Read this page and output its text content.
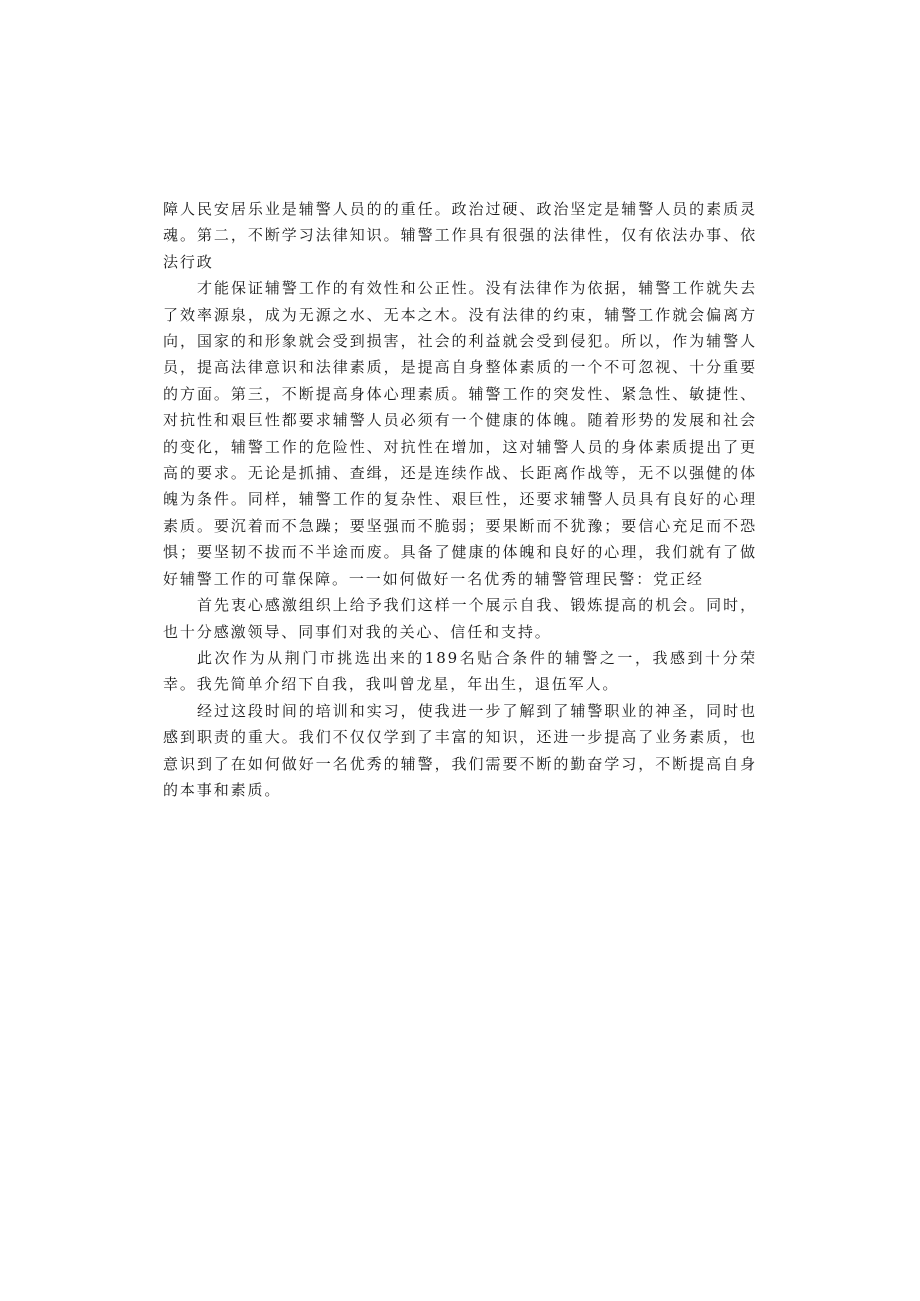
障人民安居乐业是辅警人员的的重任。政治过硬、政治坚定是辅警人员的素质灵魂。第二，不断学习法律知识。辅警工作具有很强的法律性，仅有依法办事、依法行政

才能保证辅警工作的有效性和公正性。没有法律作为依据，辅警工作就失去了效率源泉，成为无源之水、无本之木。没有法律的约束，辅警工作就会偏离方向，国家的和形象就会受到损害，社会的利益就会受到侵犯。所以，作为辅警人员，提高法律意识和法律素质，是提高自身整体素质的一个不可忽视、十分重要的方面。第三，不断提高身体心理素质。辅警工作的突发性、紧急性、敏捷性、对抗性和艰巨性都要求辅警人员必须有一个健康的体魄。随着形势的发展和社会的变化，辅警工作的危险性、对抗性在增加，这对辅警人员的身体素质提出了更高的要求。无论是抓捕、查缉，还是连续作战、长距离作战等，无不以强健的体魄为条件。同样，辅警工作的复杂性、艰巨性，还要求辅警人员具有良好的心理素质。要沉着而不急躁；要坚强而不脆弱；要果断而不犹豫；要信心充足而不恐惧；要坚韧不拔而不半途而废。具备了健康的体魄和良好的心理，我们就有了做好辅警工作的可靠保障。一一如何做好一名优秀的辅警管理民警：党正经

首先衷心感激组织上给予我们这样一个展示自我、锻炼提高的机会。同时，也十分感激领导、同事们对我的关心、信任和支持。

此次作为从荆门市挑选出来的189名贴合条件的辅警之一，我感到十分荣幸。我先简单介绍下自我，我叫曾龙星，年出生，退伍军人。

经过这段时间的培训和实习，使我进一步了解到了辅警职业的神圣，同时也感到职责的重大。我们不仅仅学到了丰富的知识，还进一步提高了业务素质，也意识到了在如何做好一名优秀的辅警，我们需要不断的勤奋学习，不断提高自身的本事和素质。
